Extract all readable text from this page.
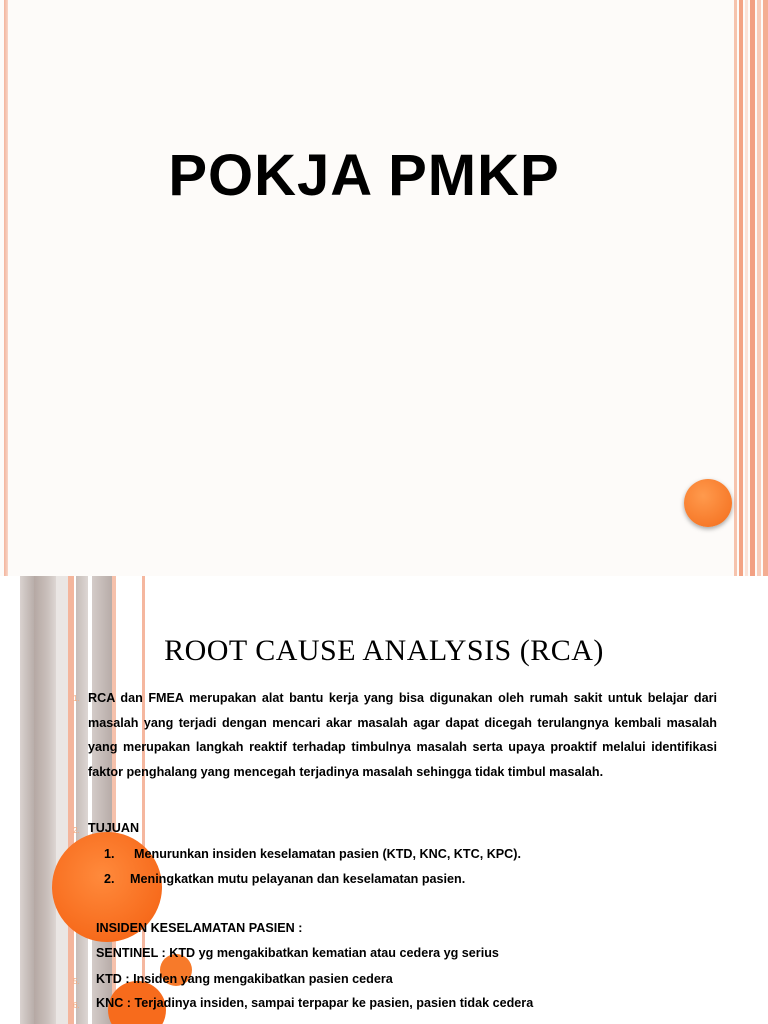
POKJA PMKP
ROOT CAUSE ANALYSIS (RCA)
1. RCA dan FMEA merupakan alat bantu kerja yang bisa digunakan oleh rumah sakit untuk belajar dari masalah yang terjadi dengan mencari akar masalah agar dapat dicegah terulangnya kembali masalah yang merupakan langkah reaktif terhadap timbulnya masalah serta upaya proaktif melalui identifikasi faktor penghalang yang mencegah terjadinya masalah sehingga tidak timbul masalah.
2. TUJUAN
1. Menurunkan insiden keselamatan pasien (KTD, KNC, KTC, KPC).
2. Meningkatkan mutu pelayanan dan keselamatan pasien.
INSIDEN KESELAMATAN PASIEN :
SENTINEL : KTD yg mengakibatkan kematian atau cedera yg serius
5. KTD : Insiden yang mengakibatkan pasien cedera
6. KNC : Terjadinya insiden, sampai terpapar ke pasien, pasien tidak cedera
